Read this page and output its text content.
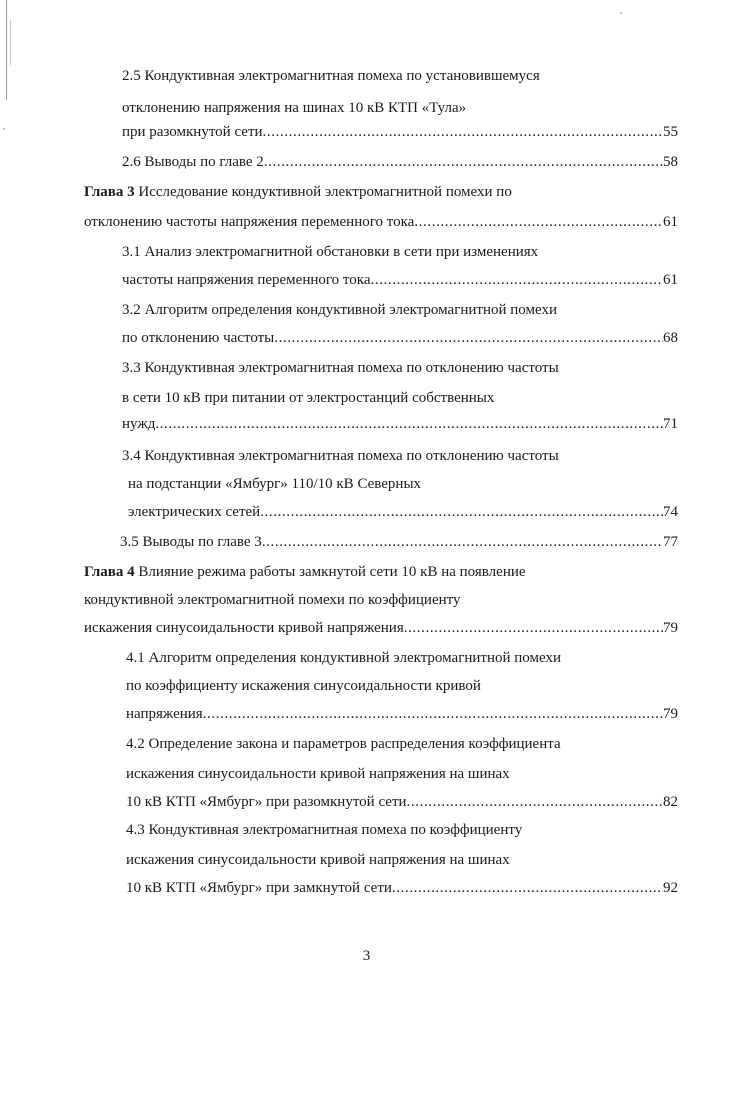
2.5 Кондуктивная электромагнитная помеха по установившемуся
отклонению напряжения на шинах 10 кВ КТП «Тула»
при разомкнутой сети .....	55
2.6 Выводы по главе 2 .....	58
Глава 3 Исследование кондуктивной электромагнитной помехи по
отклонению частоты напряжения переменного тока .....	61
3.1 Анализ электромагнитной обстановки в сети при изменениях
частоты напряжения переменного тока .....	61
3.2 Алгоритм определения кондуктивной электромагнитной помехи
по отклонению частоты .....	68
3.3 Кондуктивная электромагнитная помеха по отклонению частоты
в сети 10 кВ при питании от электростанций собственных
нужд .....	71
3.4 Кондуктивная электромагнитная помеха по отклонению частоты
на подстанции «Ямбург» 110/10 кВ Северных
электрических сетей .....	74
3.5 Выводы по главе 3 .....	77
Глава 4 Влияние режима работы замкнутой сети 10 кВ на появление
кондуктивной электромагнитной помехи по коэффициенту
искажения синусоидальности кривой напряжения .....	79
4.1 Алгоритм определения кондуктивной электромагнитной помехи
по коэффициенту искажения синусоидальности кривой
напряжения .....	79
4.2 Определение закона и параметров распределения коэффициента
искажения синусоидальности кривой напряжения на шинах
10 кВ КТП «Ямбург» при разомкнутой сети .....	82
4.3 Кондуктивная электромагнитная помеха по коэффициенту
искажения синусоидальности кривой напряжения на шинах
10 кВ КТП «Ямбург» при замкнутой сети .....	92
3
